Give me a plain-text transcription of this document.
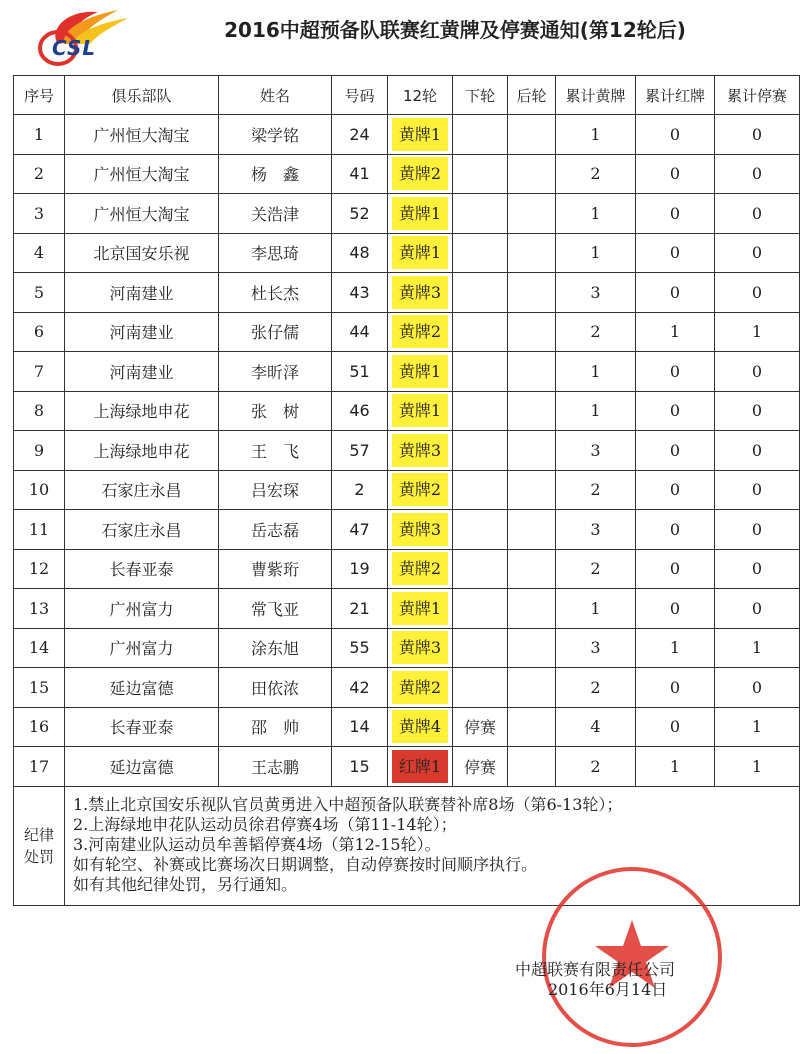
CSL
2016中超预备队联赛红黄牌及停赛通知(第12轮后)
序号	俱乐部队	姓名	号码	12轮	下轮	后轮	累计黄牌	累计红牌	累计停赛
1	广州恒大淘宝	梁学铭	24	黄牌1			1	0	0
2	广州恒大淘宝	杨　鑫	41	黄牌2			2	0	0
3	广州恒大淘宝	关浩津	52	黄牌1			1	0	0
4	北京国安乐视	李思琦	48	黄牌1			1	0	0
5	河南建业	杜长杰	43	黄牌3			3	0	0
6	河南建业	张仔儒	44	黄牌2			2	1	1
7	河南建业	李昕泽	51	黄牌1			1	0	0
8	上海绿地申花	张　树	46	黄牌1			1	0	0
9	上海绿地申花	王　飞	57	黄牌3			3	0	0
10	石家庄永昌	吕宏琛	2	黄牌2			2	0	0
11	石家庄永昌	岳志磊	47	黄牌3			3	0	0
12	长春亚泰	曹紫珩	19	黄牌2			2	0	0
13	广州富力	常飞亚	21	黄牌1			1	0	0
14	广州富力	涂东旭	55	黄牌3			3	1	1
15	延边富德	田依浓	42	黄牌2			2	0	0
16	长春亚泰	邵　帅	14	黄牌4	停赛		4	0	1
17	延边富德	王志鹏	15	红牌1	停赛		2	1	1
纪律处罚	1.禁止北京国安乐视队官员黄勇进入中超预备队联赛替补席8场（第6-13轮）；
2.上海绿地申花队运动员徐君停赛4场（第11-14轮）；
3.河南建业队运动员牟善韬停赛4场（第12-15轮）。
如有轮空、补赛或比赛场次日期调整，自动停赛按时间顺序执行。
如有其他纪律处罚，另行通知。								
中超联赛有限责任公司
2016年6月14日
